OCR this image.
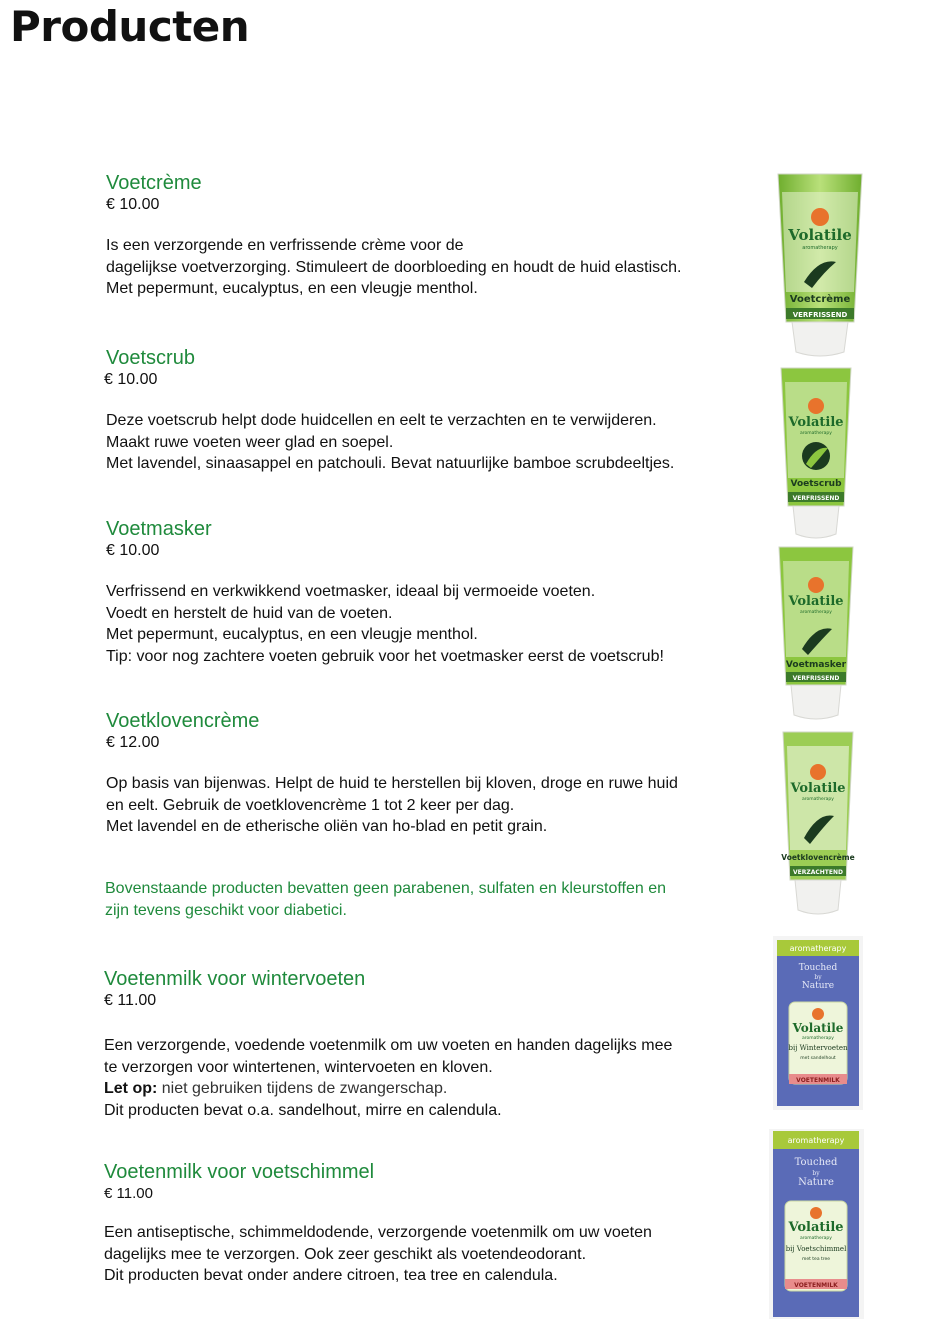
Producten
Voetcrème
€ 10.00
Is een verzorgende en verfrissende crème voor de
dagelijkse voetverzorging. Stimuleert de doorbloeding en houdt de huid elastisch.
Met pepermunt, eucalyptus, en een vleugje menthol.
Volatile
aromatherapy
Voetcrème
VERFRISSEND
Voetscrub
€ 10.00
Deze voetscrub helpt dode huidcellen en eelt te verzachten en te verwijderen.
Maakt ruwe voeten weer glad en soepel.
Met lavendel, sinaasappel en patchouli. Bevat natuurlijke bamboe scrubdeeltjes.
Volatile
aromatherapy
Voetscrub
VERFRISSEND
Voetmasker
€ 10.00
Verfrissend en verkwikkend voetmasker, ideaal bij vermoeide voeten.
Voedt en herstelt de huid van de voeten.
Met pepermunt, eucalyptus, en een vleugje menthol.
Tip: voor nog zachtere voeten gebruik voor het voetmasker eerst de voetscrub!
Volatile
aromatherapy
Voetmasker
VERFRISSEND
Voetklovencrème
€ 12.00
Op basis van bijenwas. Helpt de huid te herstellen bij kloven, droge en ruwe huid
en eelt. Gebruik de voetklovencrème 1 tot 2 keer per dag.
Met lavendel en de etherische oliën van ho-blad en petit grain.
Volatile
aromatherapy
Voetklovencrème
VERZACHTEND
Bovenstaande producten bevatten geen parabenen, sulfaten en kleurstoffen en
zijn tevens geschikt voor diabetici.
Voetenmilk voor wintervoeten
€ 11.00
Een verzorgende, voedende voetenmilk om uw voeten en handen dagelijks mee
te verzorgen voor wintertenen, wintervoeten en kloven.
Let op: niet gebruiken tijdens de zwangerschap.
Dit producten bevat o.a. sandelhout, mirre en calendula.
aromatherapy
Touched
by
Nature
Volatile
aromatherapy
bij Wintervoeten
met sandelhout
VOETENMILK
Voetenmilk voor voetschimmel
€ 11.00
Een antiseptische, schimmeldodende, verzorgende voetenmilk om uw voeten
dagelijks mee te verzorgen. Ook zeer geschikt als voetendeodorant.
Dit producten bevat onder andere citroen, tea tree en calendula.
aromatherapy
Touched
by
Nature
Volatile
aromatherapy
bij Voetschimmel
met tea tree
VOETENMILK
